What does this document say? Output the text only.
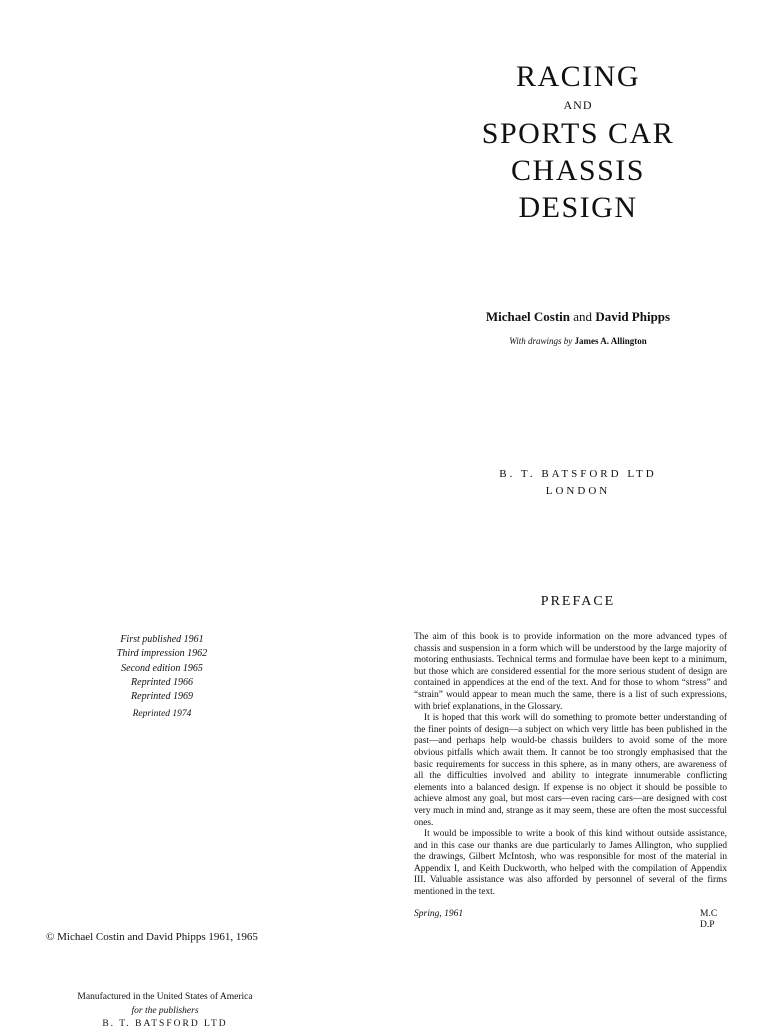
RACING
AND
SPORTS CAR
CHASSIS
DESIGN
Michael Costin and David Phipps
With drawings by James A. Allington
B. T. BATSFORD LTD
LONDON
PREFACE

The aim of this book is to provide information on the more advanced types of chassis and suspension in a form which will be understood by the large majority of motoring enthusiasts. Technical terms and formulae have been kept to a minimum, but those which are considered essential for the more serious student of design are contained in appendices at the end of the text. And for those to whom “stress” and “strain” would appear to mean much the same, there is a list of such expressions, with brief explanations, in the Glossary.

It is hoped that this work will do something to promote better understanding of the finer points of design—a subject on which very little has been published in the past—and perhaps help would-be chassis builders to avoid some of the more obvious pitfalls which await them. It cannot be too strongly emphasised that the basic requirements for success in this sphere, as in many others, are awareness of all the difficulties involved and ability to integrate innumerable conflicting elements into a balanced design. If expense is no object it should be possible to achieve almost any goal, but most cars—even racing cars—are designed with cost very much in mind and, strange as it may seem, these are often the most successful ones.

It would be impossible to write a book of this kind without outside assistance, and in this case our thanks are due particularly to James Allington, who supplied the drawings, Gilbert McIntosh, who was responsible for most of the material in Appendix I, and Keith Duckworth, who helped with the compilation of Appendix III. Valuable assistance was also afforded by personnel of several of the firms mentioned in the text.

Spring, 1961	M.C
D.P
First published 1961
Third impression 1962
Second edition 1965
Reprinted 1966
Reprinted 1969
Reprinted 1974
© Michael Costin and David Phipps 1961, 1965
Manufactured in the United States of America
for the publishers
B. T. BATSFORD LTD
